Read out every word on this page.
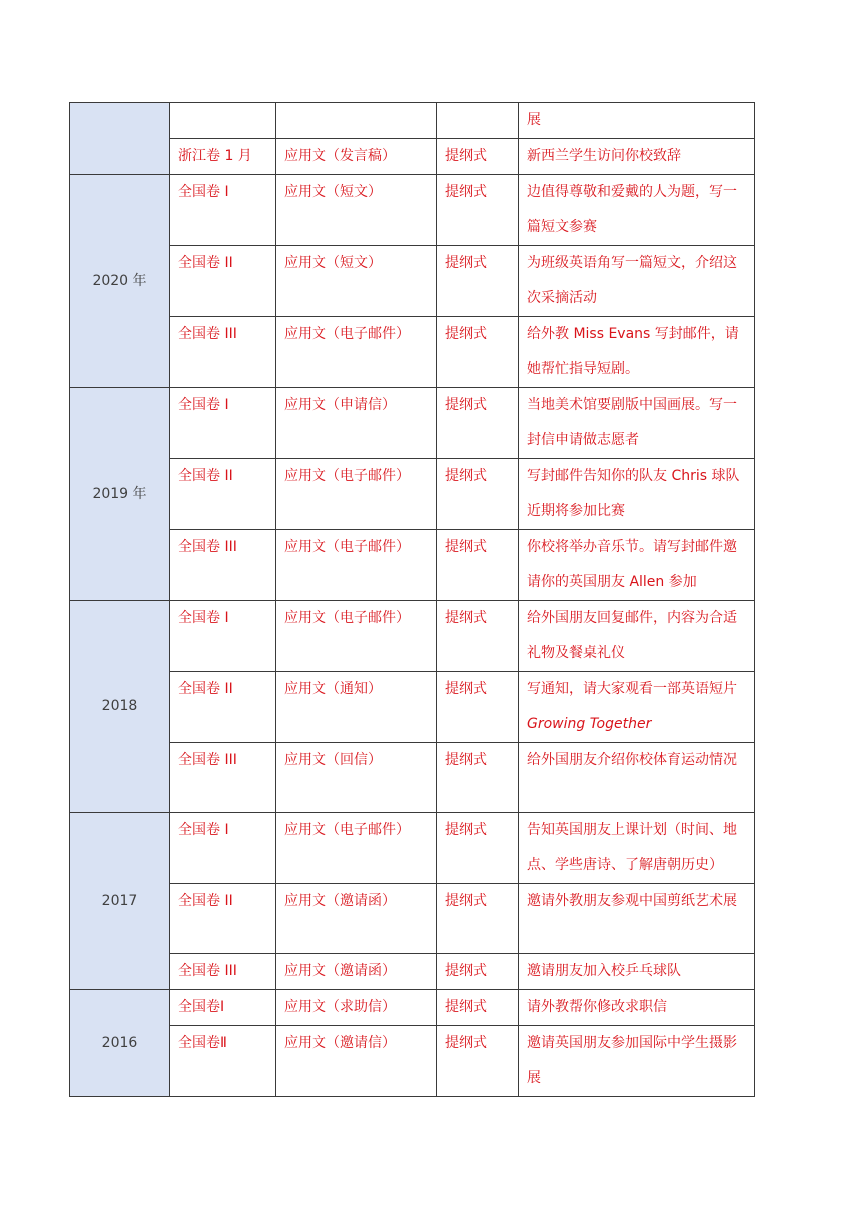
				展
	浙江卷 1 月	应用文（发言稿）	提纲式	新西兰学生访问你校致辞
2020 年	全国卷 I	应用文（短文）	提纲式	边值得尊敬和爱戴的人为题，写一篇短文参赛
	全国卷 II	应用文（短文）	提纲式	为班级英语角写一篇短文，介绍这次采摘活动
	全国卷 III	应用文（电子邮件）	提纲式	给外教 Miss Evans 写封邮件，请她帮忙指导短剧。
2019 年	全国卷 I	应用文（申请信）	提纲式	当地美术馆要剧版中国画展。写一封信申请做志愿者
	全国卷 II	应用文（电子邮件）	提纲式	写封邮件告知你的队友 Chris 球队近期将参加比赛
	全国卷 III	应用文（电子邮件）	提纲式	你校将举办音乐节。请写封邮件邀请你的英国朋友 Allen 参加
2018	全国卷 I	应用文（电子邮件）	提纲式	给外国朋友回复邮件，内容为合适礼物及餐桌礼仪
	全国卷 II	应用文（通知）	提纲式	写通知，请大家观看一部英语短片 Growing Together
	全国卷 III	应用文（回信）	提纲式	给外国朋友介绍你校体育运动情况
2017	全国卷 I	应用文（电子邮件）	提纲式	告知英国朋友上课计划（时间、地点、学些唐诗、了解唐朝历史）
	全国卷 II	应用文（邀请函）	提纲式	邀请外教朋友参观中国剪纸艺术展
	全国卷 III	应用文（邀请函）	提纲式	邀请朋友加入校乒乓球队
2016	全国卷Ⅰ	应用文（求助信）	提纲式	请外教帮你修改求职信
	全国卷Ⅱ	应用文（邀请信）	提纲式	邀请英国朋友参加国际中学生摄影展
